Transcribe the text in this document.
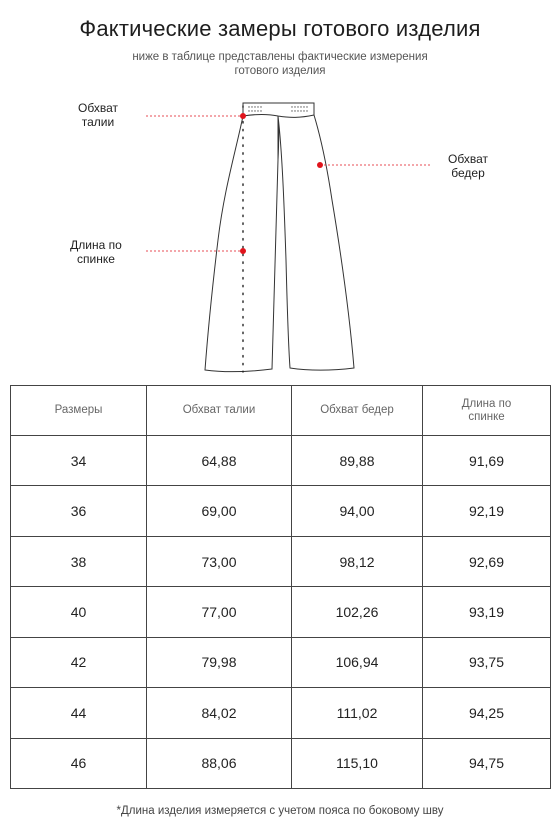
Фактические замеры готового изделия
ниже в таблице представлены фактические измерения готового изделия
Обхват талии
Обхват бедер
Длина по спинке
Размеры	Обхват талии	Обхват бедер	Длина по спинке
34	64,88	89,88	91,69
36	69,00	94,00	92,19
38	73,00	98,12	92,69
40	77,00	102,26	93,19
42	79,98	106,94	93,75
44	84,02	111,02	94,25
46	88,06	115,10	94,75
*Длина изделия измеряется с учетом пояса по боковому шву
